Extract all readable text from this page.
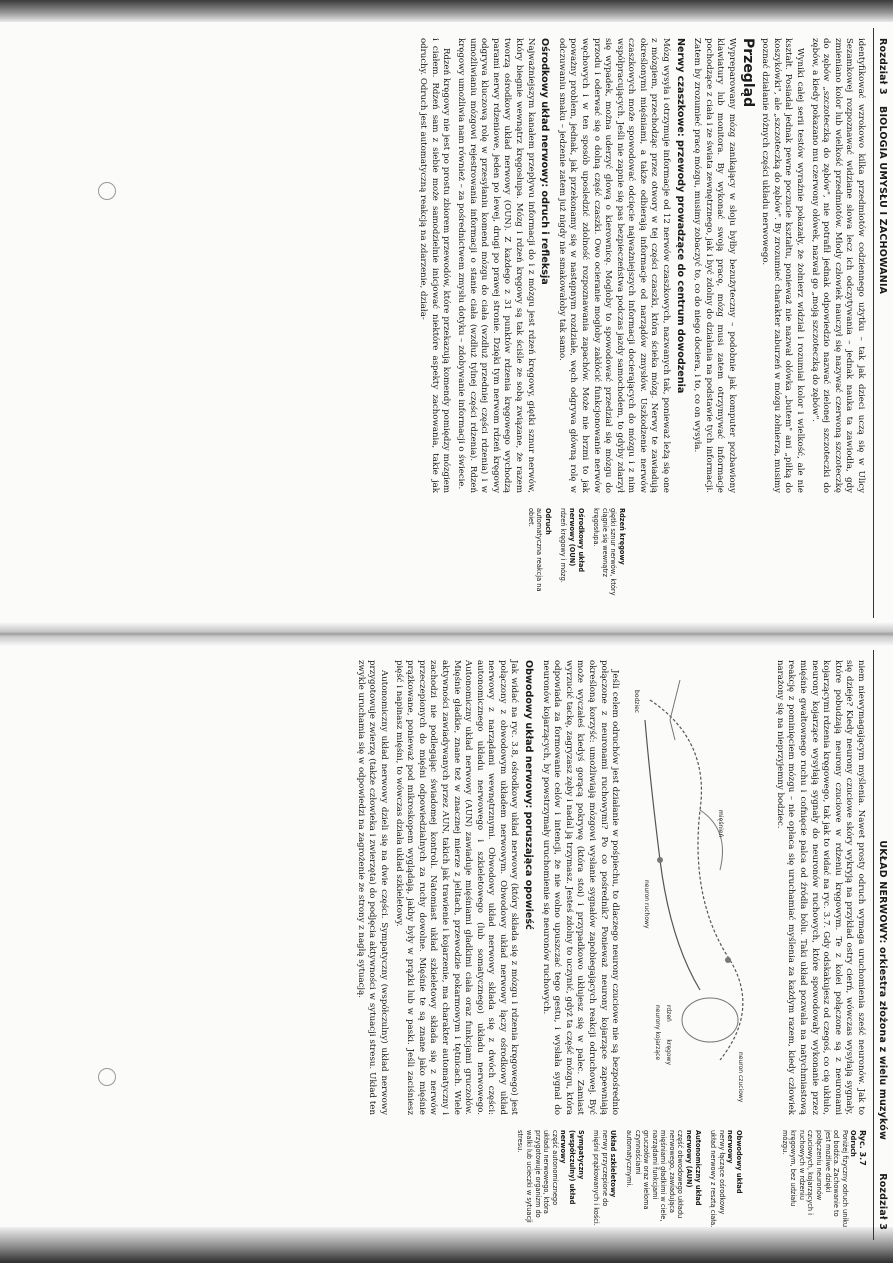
Rozdział 3
BIOLOGIA UMYSŁU I ZACHOWANIA

identyfikować wzrokowo kilka przedmiotów codziennego użytku – tak jak dzieci uczą się w Ulicy Sezamkowej rozpoznawać widziane słowa lecz ich odczytywania – jednak nauka ta zawiodła, gdy zmieniano kolor lub wielkość przedmiotów. Młody człowiek nauczył się nazywać czerwoną szczoteczkę do zębów „szczoteczką do zębów", nie potrafił jednak odpowiedzio nazwać zielonej szczoteczki do zębów, a kiedy pokazano mu czerwony ołówek, nazwał go „moją szczoteczką do zębów".

Wyniki całej serii testów wyraźnie pokazały, że żołnierz widział i rozumiał kolor i wielkość, ale nie kształt. Posiadał jednak pewne poczucie kształtu, ponieważ nie nazwał ołówka „butem" ani „piłką do koszykówki", ale „szczoteczką do zębów". By zrozumieć charakter zaburzeń w mózgu żołnierza, musimy poznać działanie różnych części układu nerwowego.

Przegląd

Wypreparowany mózg zanikający w słoju byłby bezużyteczny – podobnie jak komputer pozbawiony klawiatury lub monitora. By wykonać swoją pracę, mózg musi zatem otrzymywać informacje pochodzące z ciała i ze świata zewnętrznego, jak i być zdolny do działania na podstawie tych informacji. Zatem by zrozumieć pracę mózgu, musimy zobaczyć to, co do niego dociera, i to, co on wysyła.

Nerwy czaszkowe: przewody prowadzące do centrum dowodzenia

Mózg wysyła i otrzymuje informacje od 12 nerwów czaszkowych, nazwanych tak, ponieważ leżą się one z mózgiem, przechodząc przez otwory w tej części czaszki, która ścieka mózg. Nerwy te zawiadują określonymi mięśniami, a także odbierają informacje od narządów zmysłów. Uszkodzenie nerwów czaszkowych może spowodować odcięcie najważniejszych informacji docierających do mózgu i z nim współpracujących. Jeśli nie zapnie się pas bezpieczeństwa podczas jazdy samochodem, to gdyby zdarzył się wypadek, można uderzyć głową o kierownicę. Mogłoby to spowodować przedział się mózgu do przodu i oderwać się o dolną część czaszki. Owo ocieranie mogłoby zakłócić funkcjonowanie nerwów węchowych i w ten sposób uposledzić zdolność rozpoznawania zapachów. Może nie brzmi to jak poważny problem, jednak, jak przekonamy się w następnym rozdziale, węch odgrywa główną rolę w odczuwaniu smaku – jedzenie zatem już nigdy nie smakowałoby tak samo.

Ośrodkowy układ nerwowy: odruch i refleksja

Najważniejszym kanałem przepływu informacji do i z mózgu jest rdzeń kręgowy, giętki sznur nerwów, który biegnie wewnątrz kręgosłupa. Mózg i rdzeń kręgowy są tak ściśle ze sobą związane, że razem tworzą ośrodkowy układ nerwowy (OUN). Z każdego z 31 punktów rdzenia kręgowego wychodzą parami nerwy rdzeniowe, jeden po lewej, drugi po prawej stronie. Dzięki tym nerwom rdzeń kręgowy odgrywa kluczową rolę w przesyłaniu komend mózgu do ciała (wzdłuż przedniej części rdzenia) i w umożliwianiu mózgowi rejestrowania informacji o stanie ciała (wzdłuż tylnej części rdzenia). Rdzeń kręgowy umożliwia nam również – za pośrednictwem zmysłu dotyku – zdobywanie informacji o świecie.

Rdzeń kręgowy nie jest po prostu zbiorem przewodów, które przekazują komendy pomiędzy mózgiem i ciałem. Rdzeń sam z siebie może samodzielnie inicjować niektóre aspekty zachowania, takie jak odruchy. Odruch jest automatyczną reakcją na zdarzenie, działa-

Rdzeń kręgowy
giętki sznur nerwów, który ciągnie się wewnątrz kręgosłupa.
Ośrodkowy układ nerwowy (OUN)
rdzeń kręgowy i mózg.
Odruch
automatyczna reakcja na obiet.
UKŁAD NERWOWY: orkiestra złożona z wielu muzyków
Rozdział 3

niem niewymagającym myślenia. Nawet prosty odruch wymaga uruchomienia sześć neuronów. Jak to się dzieje? Kiedy neurony czuciowe skóry wykryją na przykład ostry cierń, wówczas wysyłają sygnały, które pobudzają neurony czuciowe w rdzeniu kręgowym. Te z kolei połączone są z neuronami kojarzącymi rdzenia kręgowego, tak jak to widać na ryc. 3.7. Gdy odskakujesz od czegoś, co cię ukłuło, neurony kojarzące wysyłają sygnały do neuronów ruchowych, które spowodowały wykonanie przez mięśnie gwałtownego ruchu i cofnięcie palca od źródła bólu. Taki układ pozwala na natychmiastową reakcję z pominięciem mózgu – nie opłaca się uruchamiać myślenia za każdym razem, kiedy człowiek narażony się na nieprzyjemny bodziec.

neuron czuciowy
rdzeń kręgowy neurony kojarzące
neuron ruchowy
mięśnień
bodziec

Jeśli celem odruchów jest działanie w pośpiechu, to dlaczego neurony czuciowe nie są bezpośrednio połączone z neuronami ruchowymi? Po co pośrednik? Ponieważ neurony kojarzące zapewniają określoną korzyść: umożliwiają mózgowi wysłanie sygnałów zapobiegających reakcji odruchowej. Być może wyczałeś kiedyś gorącą pokrywę (która stoi) i przypadkowo ukłujesz się w palec. Zamiast wyrzucić tackę, zagryzasz zęby i nadal ją trzymasz. Jesteś zdolny to uczynić, gdyż ta część mózgu, która odpowiada za formowanie celów i intencji, że nie wolno upuszczać tego gestu, i wysłała sygnał do neuronów kojarzących, by powstrzymały uruchomienie się neuronów ruchowych.

Obwodowy układ nerwowy: poruszająca opowieść

Jak widać na ryc. 3.8, ośrodkowy układ nerwowy (który składa się z mózgu i rdzenia kręgowego) jest połączony z obwodowym układem nerwowym. Obwodowy układ nerwowy łączy ośrodkowy układ nerwowy z narządami wewnętrznymi. Obwodowy układ nerwowy składa się z dwóch części: autonomicznego układu nerwowego i szkieletowego (lub somatycznego) układu nerwowego. Autonomiczny układ nerwowy (AUN) zawiaduje mięśniami gładkimi ciała oraz funkcjami gruczołów. Mięśnie gładkie, znane też w znacznej mierze z jelitach, przewodzie pokarmowym i tętnicach. Wiele aktywności zawiadywanych przez AUN, takich jak trawienie i kojarzenie, ma charakter automatyczny i zachodzi nie podlegając świadomej kontroli. Natomiast układ szkieletowy składa się z nerwów przeczepionych do mięśni odpowiedzialnych za ruchy dowolne. Mięśnie te są znane jako mięśnie prążkowane, ponieważ pod mikroskopem wyglądają, jakby były w prążki lub w paski. Jeśli zaciśniesz pięść i napinasz mięśni, to wówczas działa układ szkieletowy.

Autonomiczny układ nerwowy dzieli się na dwie części. Sympatyczny (współczulny) układ nerwowy przygotowuje zwierzę (także człowieka i zwierzęta) do podjęcia aktywności w sytuacji stresu. Układ ten zwykle uruchamia się w odpowiedzi na zagrożenie ze strony z nagłą sytuacją.

Ryc. 3.7
Odruch
Poniżej fizyczny odruch uniku od bodźca. Zachowanie to jest możliwe dzięki połączeniu neuronów czuciowych, kojarzących i ruchowych w rdzeniu kręgowym, bez udziału mózgu.
Obwodowy układ nerwowy
nerwy łączące ośrodkowy układ nerwowy z resztą ciała.
Autonomiczny układ nerwowy (AUN)
część obwodowego układu nerwowego, zawiadująca mięśniami gładkimi w ciele, narządami funkcjami gruczołów oraz wieloma czynnościami automatycznymi.
Układ szkieletowy
nerwy przyczepione do mięśni prążkowanych i kości.
Sympatyczny (współczulny) układ nerwowy
część autonomicznego układu nerwowego, która przygotowuje organizm do walki lub ucieczki w sytuacji stresu.
